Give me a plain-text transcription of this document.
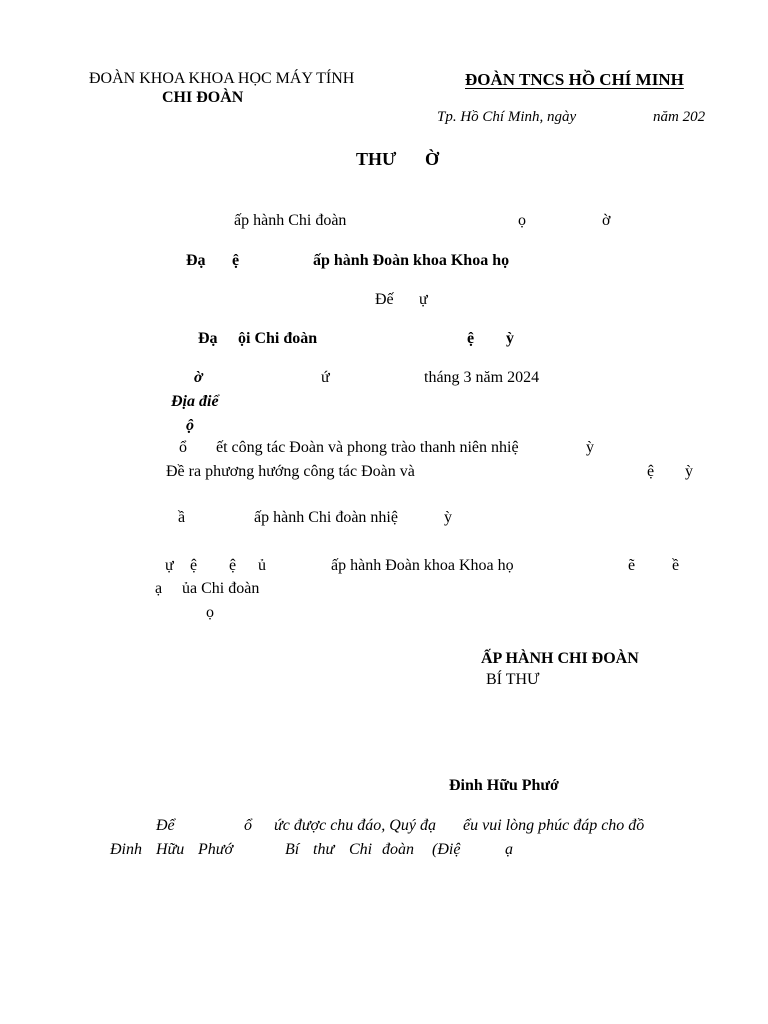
ĐOÀN KHOA KHOA HỌC MÁY TÍNH
CHI ĐOÀN
ĐOÀN TNCS HỒ CHÍ MINH
Tp. Hồ Chí Minh, ngày	năm 202
THƯ Ờ
ấp hành Chi đoàn	ọ	ờ
Đạ ệ	ấp hành Đoàn khoa Khoa họ
Đế ự
Đạ ội Chi đoàn	ệ ỳ
ờ	ứ	tháng 3 năm 2024
Địa điể
ộ
ổ ết công tác Đoàn và phong trào thanh niên nhiệ	ỳ
Đề ra phương hướng công tác Đoàn và	ệ ỳ
ầ	ấp hành Chi đoàn nhiệ	ỳ
ự ệ ệ ủ	ấp hành Đoàn khoa Khoa họ	ẽ ề
ạ ủa Chi đoàn
ọ
ẤP HÀNH CHI ĐOÀN
BÍ THƯ
Đinh Hữu Phướ
Để	ổ ức được chu đáo, Quý đạ ểu vui lòng phúc đáp cho đồ
Đinh Hữu Phướ	Bí thư Chi đoàn (Điệ	ạ
